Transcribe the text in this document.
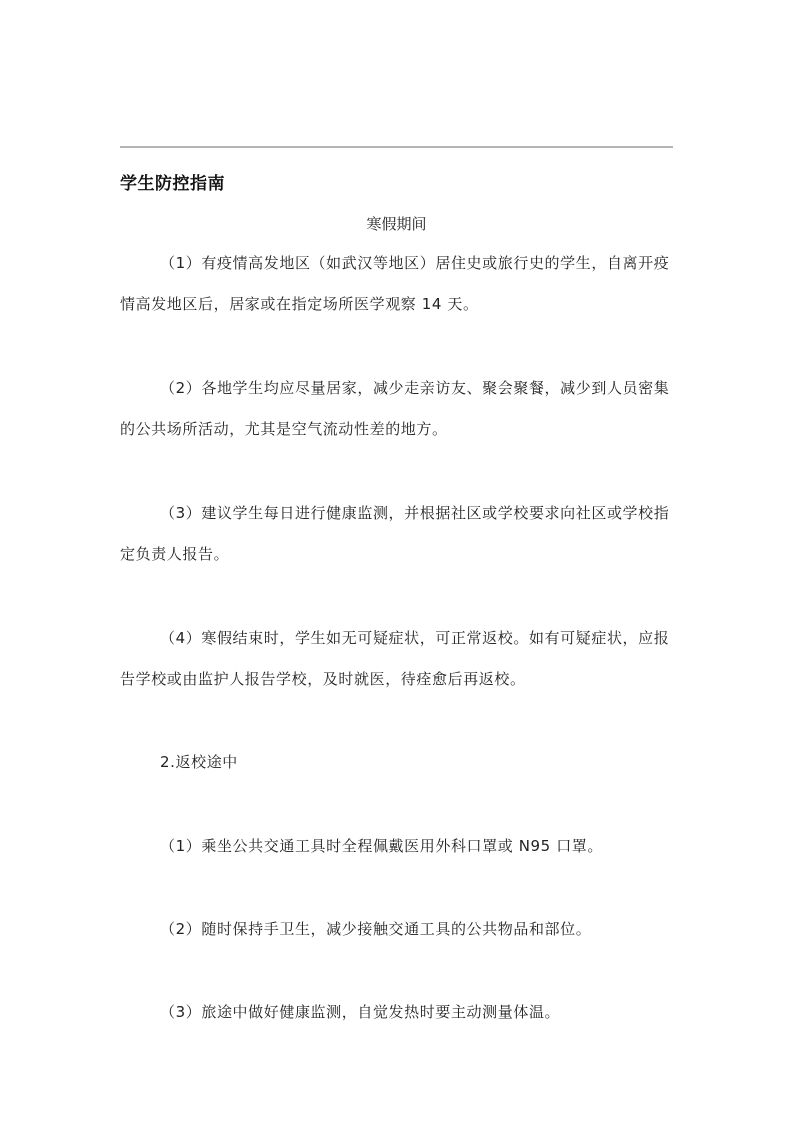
学生防控指南
寒假期间
（1）有疫情高发地区（如武汉等地区）居住史或旅行史的学生，自离开疫情高发地区后，居家或在指定场所医学观察 14 天。
（2）各地学生均应尽量居家，减少走亲访友、聚会聚餐，减少到人员密集的公共场所活动，尤其是空气流动性差的地方。
（3）建议学生每日进行健康监测，并根据社区或学校要求向社区或学校指定负责人报告。
（4）寒假结束时，学生如无可疑症状，可正常返校。如有可疑症状，应报告学校或由监护人报告学校，及时就医，待痊愈后再返校。
2.返校途中
（1）乘坐公共交通工具时全程佩戴医用外科口罩或 N95 口罩。
（2）随时保持手卫生，减少接触交通工具的公共物品和部位。
（3）旅途中做好健康监测，自觉发热时要主动测量体温。
